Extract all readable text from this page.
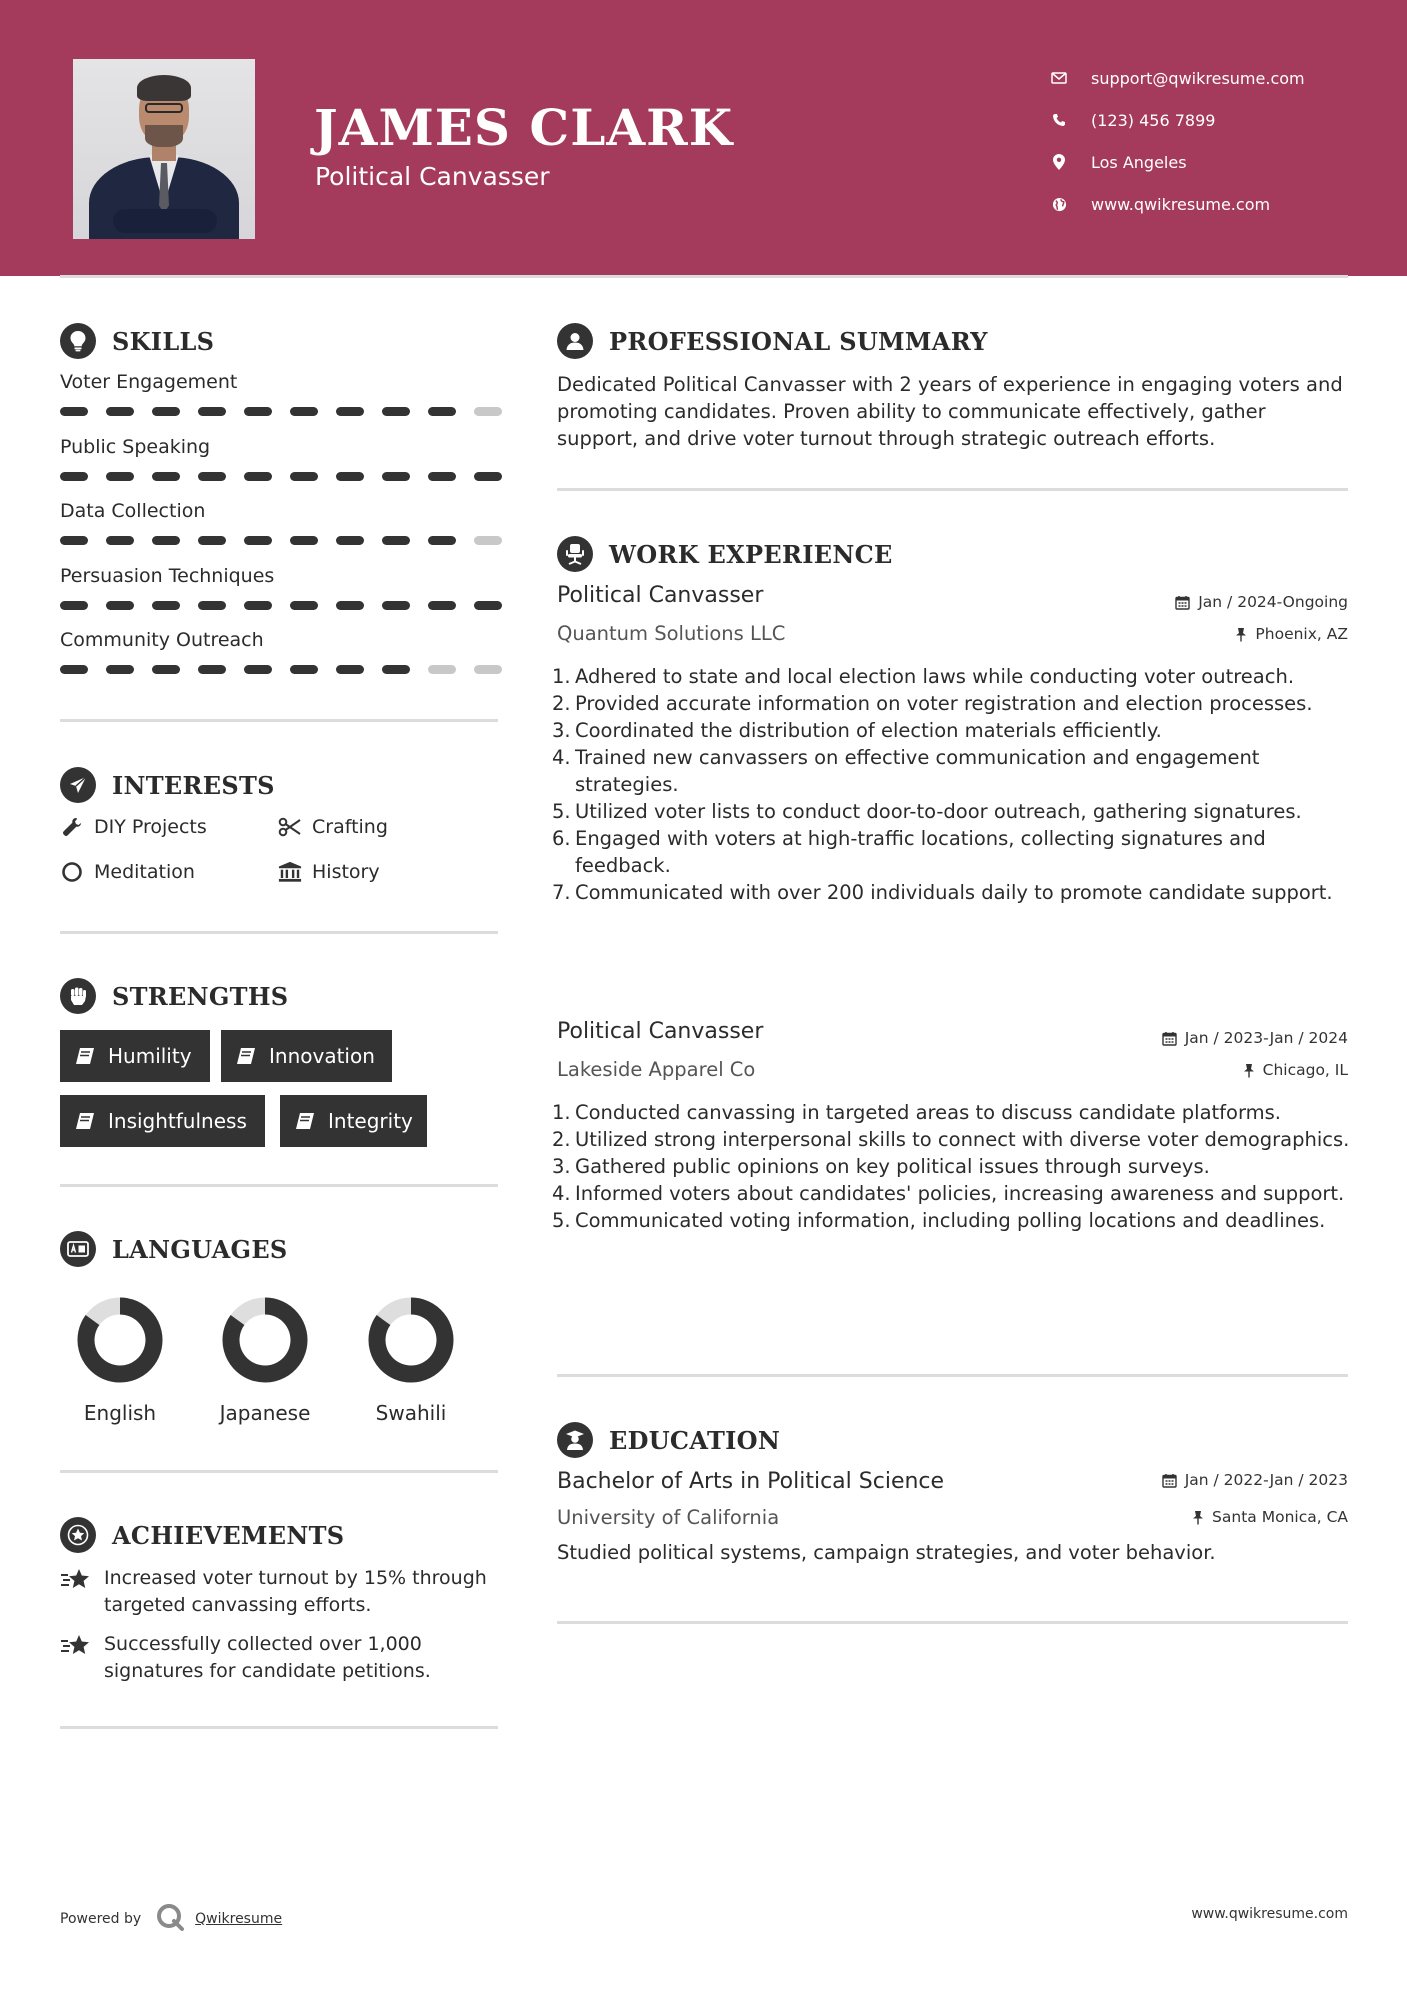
JAMES CLARK
Political Canvasser
support@qwikresume.com
(123) 456 7899
Los Angeles
www.qwikresume.com
SKILLS
Voter Engagement
Public Speaking
Data Collection
Persuasion Techniques
Community Outreach
INTERESTS
DIY Projects	Crafting
Meditation	History
STRENGTHS
Humility	Innovation
Insightfulness	Integrity
LANGUAGES
English	Japanese	Swahili
ACHIEVEMENTS
Increased voter turnout by 15% through targeted canvassing efforts.
Successfully collected over 1,000 signatures for candidate petitions.
PROFESSIONAL SUMMARY
Dedicated Political Canvasser with 2 years of experience in engaging voters and promoting candidates. Proven ability to communicate effectively, gather support, and drive voter turnout through strategic outreach efforts.
WORK EXPERIENCE
Political Canvasser	Jan / 2024-Ongoing
Quantum Solutions LLC	Phoenix, AZ
1. Adhered to state and local election laws while conducting voter outreach.
2. Provided accurate information on voter registration and election processes.
3. Coordinated the distribution of election materials efficiently.
4. Trained new canvassers on effective communication and engagement strategies.
5. Utilized voter lists to conduct door-to-door outreach, gathering signatures.
6. Engaged with voters at high-traffic locations, collecting signatures and feedback.
7. Communicated with over 200 individuals daily to promote candidate support.
Political Canvasser	Jan / 2023-Jan / 2024
Lakeside Apparel Co	Chicago, IL
1. Conducted canvassing in targeted areas to discuss candidate platforms.
2. Utilized strong interpersonal skills to connect with diverse voter demographics.
3. Gathered public opinions on key political issues through surveys.
4. Informed voters about candidates' policies, increasing awareness and support.
5. Communicated voting information, including polling locations and deadlines.
EDUCATION
Bachelor of Arts in Political Science	Jan / 2022-Jan / 2023
University of California	Santa Monica, CA
Studied political systems, campaign strategies, and voter behavior.
Powered by	Qwikresume	www.qwikresume.com
